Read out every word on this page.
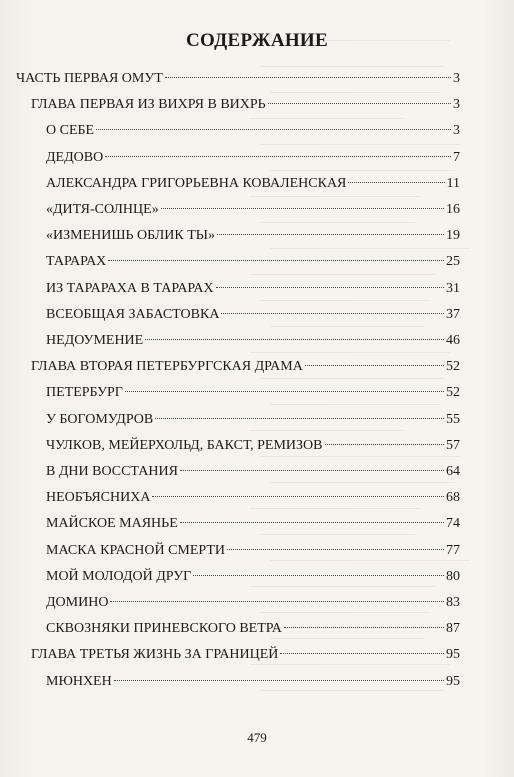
СОДЕРЖАНИЕ
ЧАСТЬ ПЕРВАЯ ОМУТ	3
ГЛАВА ПЕРВАЯ ИЗ ВИХРЯ В ВИХРЬ	3
О СЕБЕ	3
ДЕДОВО	7
АЛЕКСАНДРА ГРИГОРЬЕВНА КОВАЛЕНСКАЯ	11
«ДИТЯ-СОЛНЦЕ»	16
«ИЗМЕНИШЬ ОБЛИК ТЫ»	19
ТАРАРАХ	25
ИЗ ТАРАРАХА В ТАРАРАХ	31
ВСЕОБЩАЯ ЗАБАСТОВКА	37
НЕДОУМЕНИЕ	46
ГЛАВА ВТОРАЯ ПЕТЕРБУРГСКАЯ ДРАМА	52
ПЕТЕРБУРГ	52
У БОГОМУДРОВ	55
ЧУЛКОВ, МЕЙЕРХОЛЬД, БАКСТ, РЕМИЗОВ	57
В ДНИ ВОССТАНИЯ	64
НЕОБЪЯСНИХА	68
МАЙСКОЕ МАЯНЬЕ	74
МАСКА КРАСНОЙ СМЕРТИ	77
МОЙ МОЛОДОЙ ДРУГ	80
ДОМИНО	83
СКВОЗНЯКИ ПРИНЕВСКОГО ВЕТРА	87
ГЛАВА ТРЕТЬЯ ЖИЗНЬ ЗА ГРАНИЦЕЙ	95
МЮНХЕН	95
479
